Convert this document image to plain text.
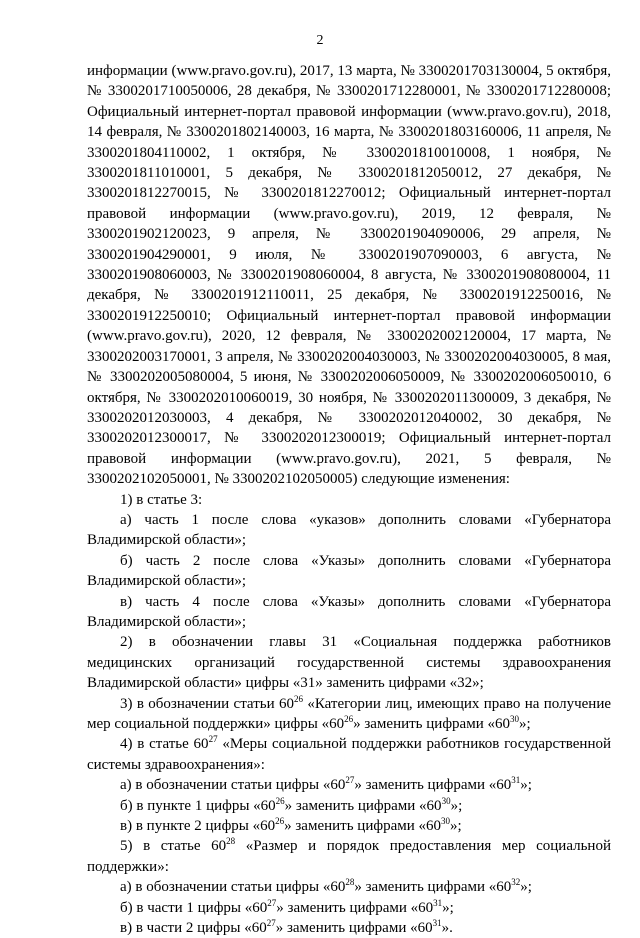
2

информации (www.pravo.gov.ru), 2017, 13 марта, № 3300201703130004, 5 октября, № 3300201710050006, 28 декабря, № 3300201712280001, № 3300201712280008; Официальный интернет-портал правовой информации (www.pravo.gov.ru), 2018, 14 февраля, № 3300201802140003, 16 марта, № 3300201803160006, 11 апреля, № 3300201804110002, 1 октября, № 3300201810010008, 1 ноября, № 3300201811010001, 5 декабря, № 3300201812050012, 27 декабря, № 3300201812270015, № 3300201812270012; Официальный интернет-портал правовой информации (www.pravo.gov.ru), 2019, 12 февраля, № 3300201902120023, 9 апреля, № 3300201904090006, 29 апреля, № 3300201904290001, 9 июля, № 3300201907090003, 6 августа, № 3300201908060003, № 3300201908060004, 8 августа, № 3300201908080004, 11 декабря, № 3300201912110011, 25 декабря, № 3300201912250016, № 3300201912250010; Официальный интернет-портал правовой информации (www.pravo.gov.ru), 2020, 12 февраля, № 3300202002120004, 17 марта, № 3300202003170001, 3 апреля, № 3300202004030003, № 3300202004030005, 8 мая, № 3300202005080004, 5 июня, № 3300202006050009, № 3300202006050010, 6 октября, № 3300202010060019, 30 ноября, № 3300202011300009, 3 декабря, № 3300202012030003, 4 декабря, № 3300202012040002, 30 декабря, № 3300202012300017, № 3300202012300019; Официальный интернет-портал правовой информации (www.pravo.gov.ru), 2021, 5 февраля, № 3300202102050001, № 3300202102050005) следующие изменения:

1) в статье 3:

а) часть 1 после слова «указов» дополнить словами «Губернатора Владимирской области»;

б) часть 2 после слова «Указы» дополнить словами «Губернатора Владимирской области»;

в) часть 4 после слова «Указы» дополнить словами «Губернатора Владимирской области»;

2) в обозначении главы 31 «Социальная поддержка работников медицинских организаций государственной системы здравоохранения Владимирской области» цифры «31» заменить цифрами «32»;

3) в обозначении статьи $60^{26}$ «Категории лиц, имеющих право на получение мер социальной поддержки» цифры «$60^{26}$» заменить цифрами «$60^{30}$»;

4) в статье $60^{27}$ «Меры социальной поддержки работников государственной системы здравоохранения»:

а) в обозначении статьи цифры «$60^{27}$» заменить цифрами «$60^{31}$»;

б) в пункте 1 цифры «$60^{26}$» заменить цифрами «$60^{30}$»;

в) в пункте 2 цифры «$60^{26}$» заменить цифрами «$60^{30}$»;

5) в статье $60^{28}$ «Размер и порядок предоставления мер социальной поддержки»:

а) в обозначении статьи цифры «$60^{28}$» заменить цифрами «$60^{32}$»;

б) в части 1 цифры «$60^{27}$» заменить цифрами «$60^{31}$»;

в) в части 2 цифры «$60^{27}$» заменить цифрами «$60^{31}$».
